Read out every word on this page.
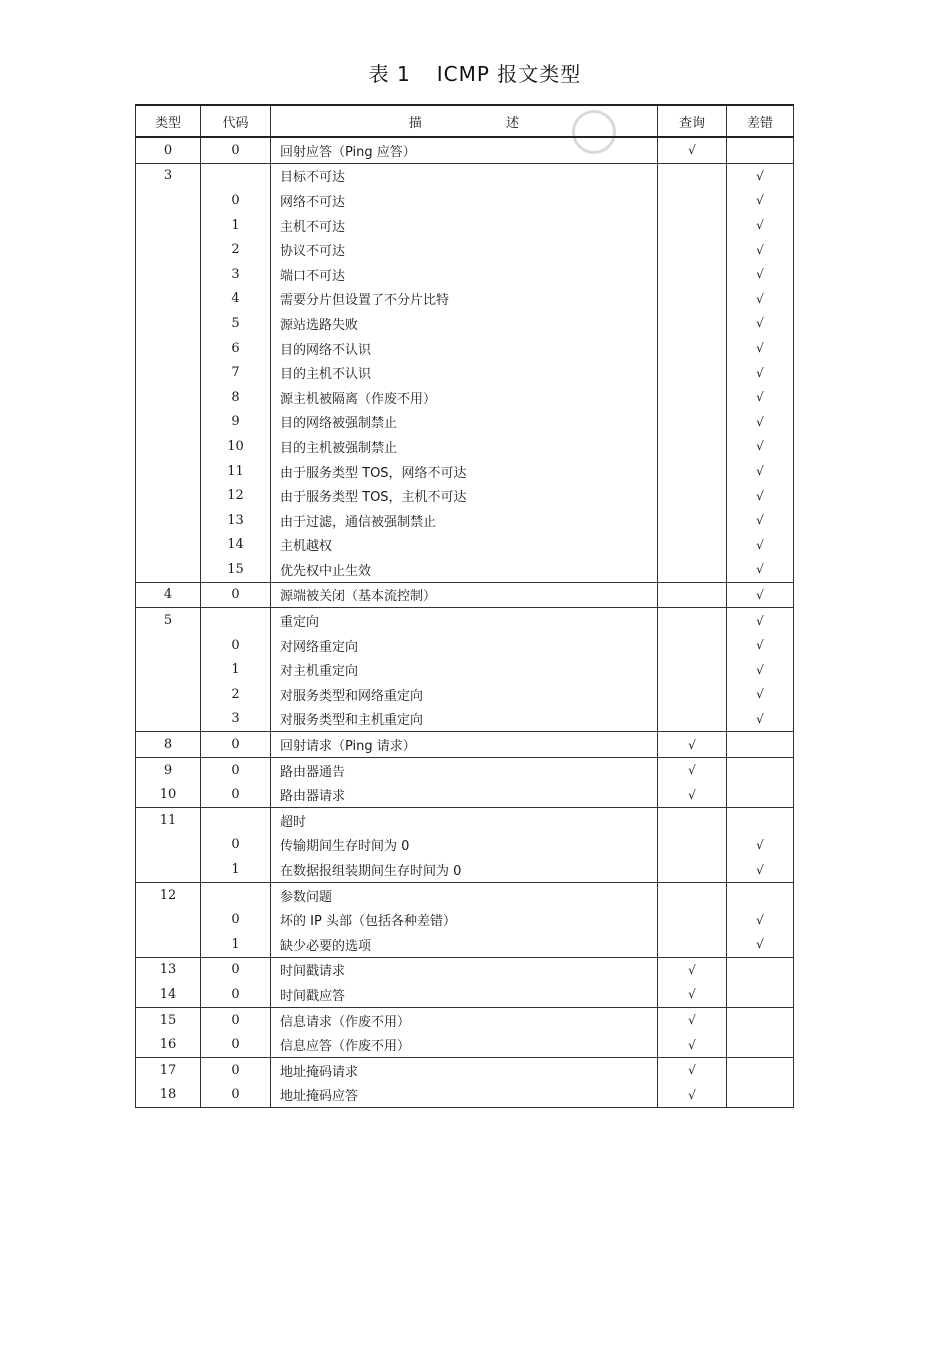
表 1 ICMP 报文类型
类型	代码	描 述	查询	差错
0	0	回射应答（Ping 应答）	√	
3		目标不可达		√
	0	网络不可达		√
	1	主机不可达		√
	2	协议不可达		√
	3	端口不可达		√
	4	需要分片但设置了不分片比特		√
	5	源站选路失败		√
	6	目的网络不认识		√
	7	目的主机不认识		√
	8	源主机被隔离（作废不用）		√
	9	目的网络被强制禁止		√
	10	目的主机被强制禁止		√
	11	由于服务类型 TOS，网络不可达		√
	12	由于服务类型 TOS，主机不可达		√
	13	由于过滤，通信被强制禁止		√
	14	主机越权		√
	15	优先权中止生效		√
4	0	源端被关闭（基本流控制）		√
5		重定向		√
	0	对网络重定向		√
	1	对主机重定向		√
	2	对服务类型和网络重定向		√
	3	对服务类型和主机重定向		√
8	0	回射请求（Ping 请求）	√	
9	0	路由器通告	√	
10	0	路由器请求	√	
11		超时		
	0	传输期间生存时间为 0		√
	1	在数据报组装期间生存时间为 0		√
12		参数问题		
	0	坏的 IP 头部（包括各种差错）		√
	1	缺少必要的选项		√
13	0	时间戳请求	√	
14	0	时间戳应答	√	
15	0	信息请求（作废不用）	√	
16	0	信息应答（作废不用）	√	
17	0	地址掩码请求	√	
18	0	地址掩码应答	√	
